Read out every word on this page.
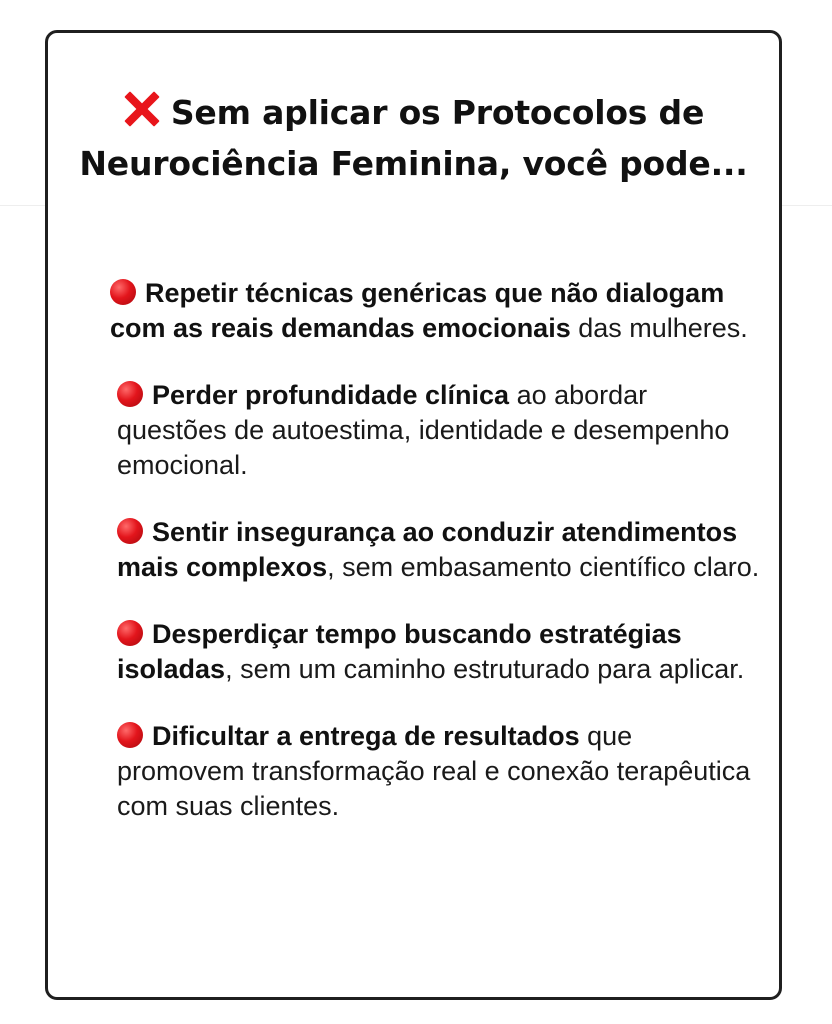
Sem aplicar os Protocolos de Neurociência Feminina, você pode...

Repetir técnicas genéricas que não dialogam com as reais demandas emocionais das mulheres.

Perder profundidade clínica ao abordar questões de autoestima, identidade e desempenho emocional.

Sentir insegurança ao conduzir atendimentos mais complexos, sem embasamento científico claro.

Desperdiçar tempo buscando estratégias isoladas, sem um caminho estruturado para aplicar.

Dificultar a entrega de resultados que promovem transformação real e conexão terapêutica com suas clientes.
